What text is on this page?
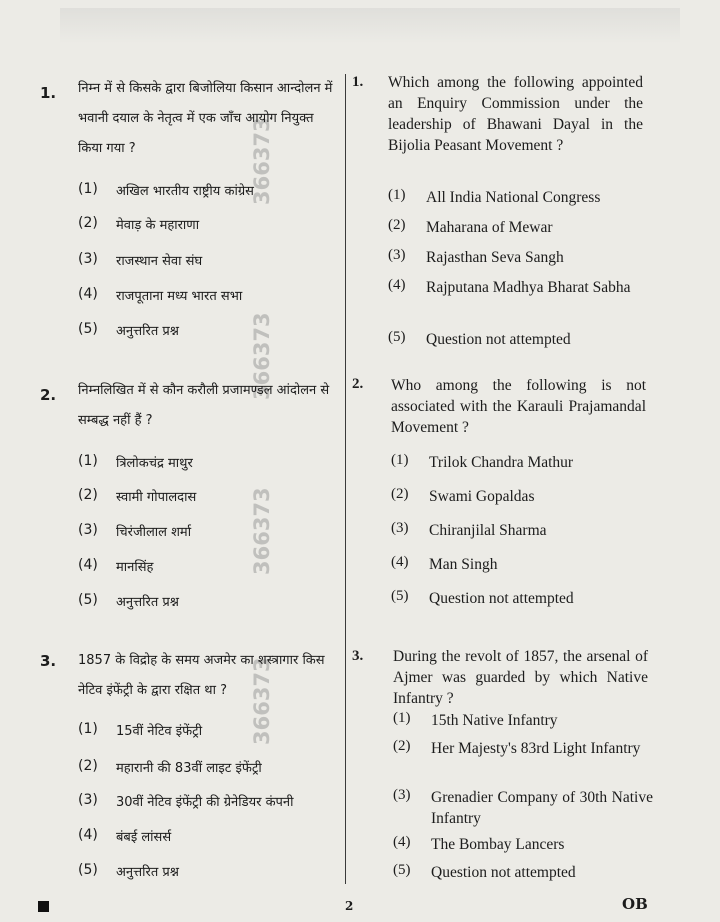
366373
366373
366373
366373
1. निम्न में से किसके द्वारा बिजोलिया किसान आन्दोलन में भवानी दयाल के नेतृत्व में एक जाँच आयोग नियुक्त किया गया ?
(1)	अखिल भारतीय राष्ट्रीय कांग्रेस
(2)	मेवाड़ के महाराणा
(3)	राजस्थान सेवा संघ
(4)	राजपूताना मध्य भारत सभा
(5)	अनुत्तरित प्रश्न
2. निम्नलिखित में से कौन करौली प्रजामण्डल आंदोलन से सम्बद्ध नहीं हैं ?
(1)	त्रिलोकचंद्र माथुर
(2)	स्वामी गोपालदास
(3)	चिरंजीलाल शर्मा
(4)	मानसिंह
(5)	अनुत्तरित प्रश्न
3. 1857 के विद्रोह के समय अजमेर का शस्त्रागार किस नेटिव इंफेंट्री के द्वारा रक्षित था ?
(1)	15वीं नेटिव इंफेंट्री
(2)	महारानी की 83वीं लाइट इंफेंट्री
(3)	30वीं नेटिव इंफेंट्री की ग्रेनेडियर कंपनी
(4)	बंबई लांसर्स
(5)	अनुत्तरित प्रश्न
1. Which among the following appointed an Enquiry Commission under the leadership of Bhawani Dayal in the Bijolia Peasant Movement ?
(1)	All India National Congress
(2)	Maharana of Mewar
(3)	Rajasthan Seva Sangh
(4)	Rajputana Madhya Bharat Sabha
(5)	Question not attempted
2. Who among the following is not associated with the Karauli Prajamandal Movement ?
(1)	Trilok Chandra Mathur
(2)	Swami Gopaldas
(3)	Chiranjilal Sharma
(4)	Man Singh
(5)	Question not attempted
3. During the revolt of 1857, the arsenal of Ajmer was guarded by which Native Infantry ?
(1)	15th Native Infantry
(2)	Her Majesty's 83rd Light Infantry
(3)	Grenadier Company of 30th Native Infantry
(4)	The Bombay Lancers
(5)	Question not attempted
2	OB
